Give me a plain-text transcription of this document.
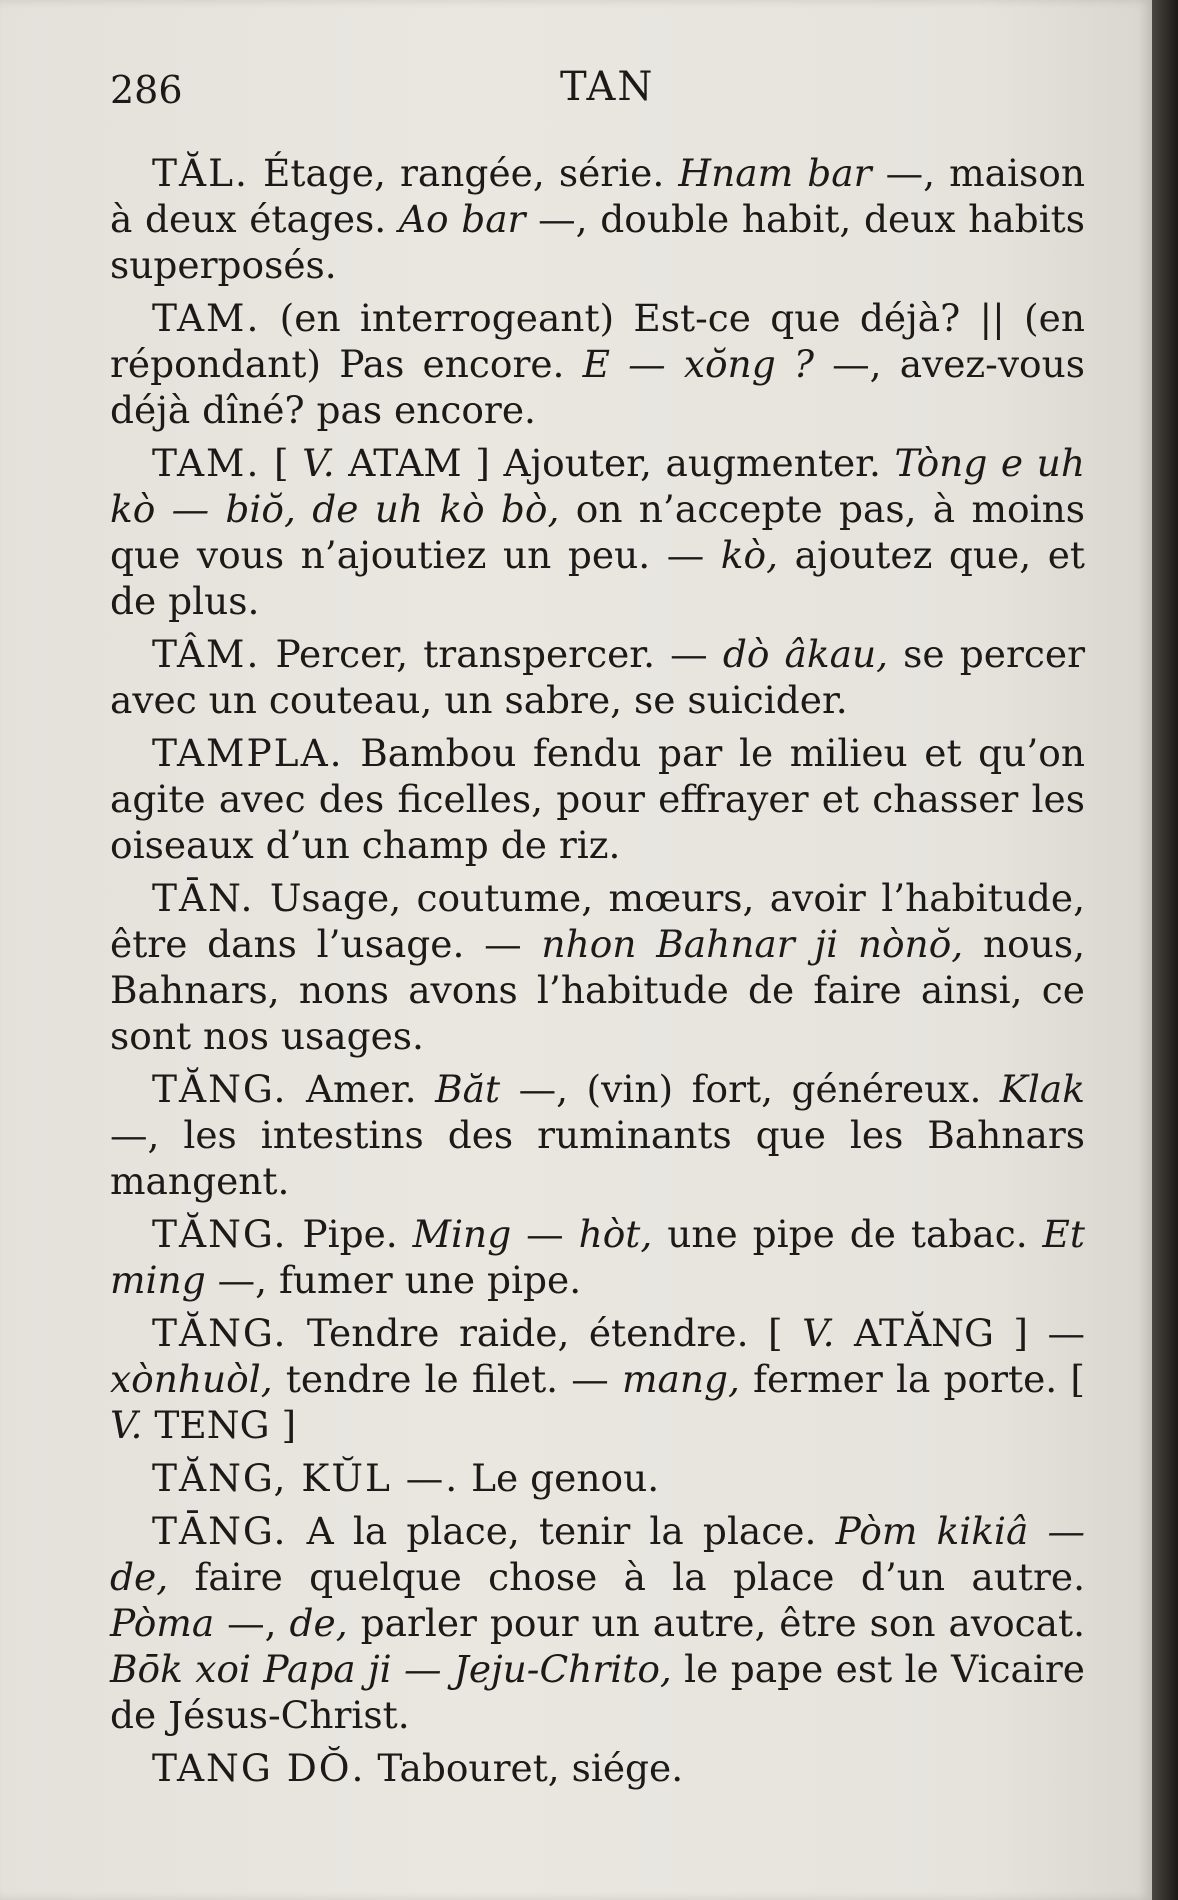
286	TAN

TĂL. Étage, rangée, série. Hnam bar —, maison à deux étages. Ao bar —, double habit, deux habits superposés.

TAM. (en interrogeant) Est-ce que déjà? || (en répondant) Pas encore. E — xŏng ? —, avez-vous déjà dîné? pas encore.

TAM. [ V. ATAM ] Ajouter, augmenter. Tòng e uh kò — biŏ, de uh kò bò, on n’accepte pas, à moins que vous n’ajoutiez un peu. — kò, ajoutez que, et de plus.

TÂM. Percer, transpercer. — dò âkau, se percer avec un couteau, un sabre, se suicider.

TAMPLA. Bambou fendu par le milieu et qu’on agite avec des ficelles, pour effrayer et chasser les oiseaux d’un champ de riz.

TĀN. Usage, coutume, mœurs, avoir l’habitude, être dans l’usage. — nhon Bahnar ji nònŏ, nous, Bahnars, nons avons l’habitude de faire ainsi, ce sont nos usages.

TĂNG. Amer. Băt —, (vin) fort, généreux. Klak —, les intestins des ruminants que les Bahnars mangent.

TĂNG. Pipe. Ming — hòt, une pipe de tabac. Et ming —, fumer une pipe.

TĂNG. Tendre raide, étendre. [ V. ATĂNG ] — xònhuòl, tendre le filet. — mang, fermer la porte. [ V. TENG ]

TĂNG, KŬL —. Le genou.

TĀNG. A la place, tenir la place. Pòm kikiâ — de, faire quelque chose à la place d’un autre. Pòma —, de, parler pour un autre, être son avocat. Bōk xoi Papa ji — Jeju-Chrito, le pape est le Vicaire de Jésus-Christ.

TANG DŎ. Tabouret, siége.
